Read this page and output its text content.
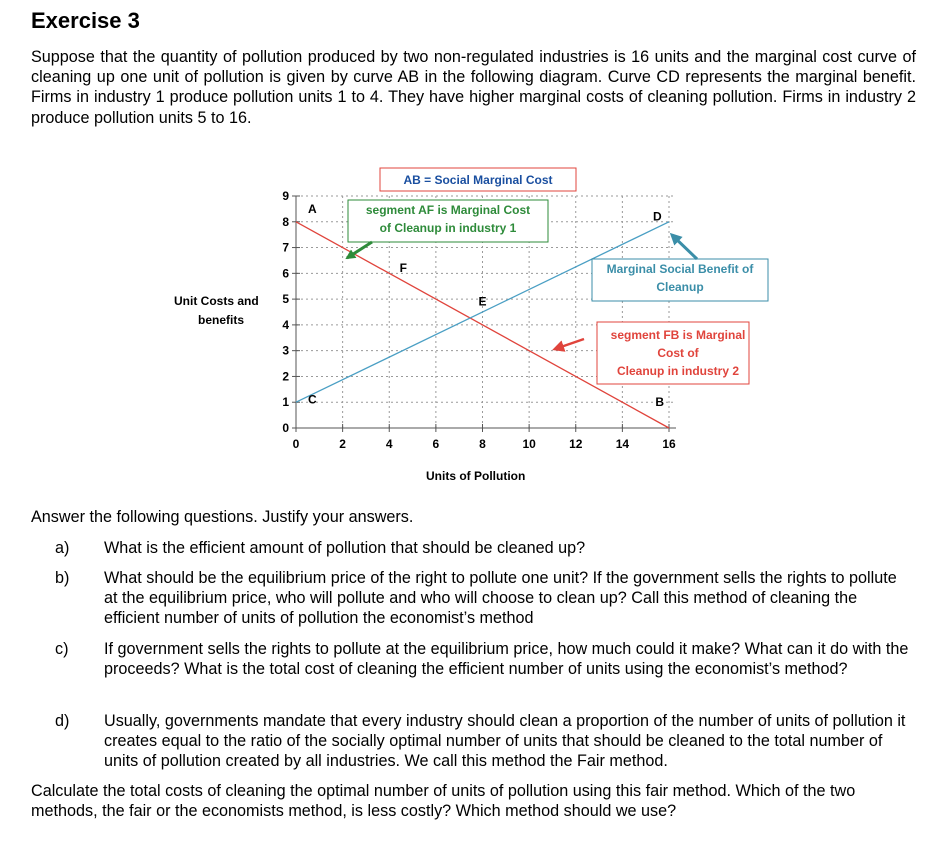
Exercise 3
Suppose that the quantity of pollution produced by two non-regulated industries is 16 units and the marginal cost curve of cleaning up one unit of pollution is given by curve AB in the following diagram. Curve CD represents the marginal benefit. Firms in industry 1 produce pollution units 1 to 4. They have higher marginal costs of cleaning pollution. Firms in industry 2 produce pollution units 5 to 16.
0
1
2
3
4
5
6
7
8
9
0	2	4	6	8	10	12	14	16
A
B
C
D
F
E
Unit Costs and
benefits
Units of Pollution
AB = Social Marginal Cost
segment AF is Marginal Cost
of Cleanup in industry 1
Marginal Social Benefit of
Cleanup
segment FB is Marginal
Cost of
Cleanup in industry 2
Answer the following questions. Justify your answers.
a) What is the efficient amount of pollution that should be cleaned up?
b) What should be the equilibrium price of the right to pollute one unit? If the government sells the rights to pollute at the equilibrium price, who will pollute and who will choose to clean up? Call this method of cleaning the efficient number of units of pollution the economist’s method
c) If government sells the rights to pollute at the equilibrium price, how much could it make? What can it do with the proceeds? What is the total cost of cleaning the efficient number of units using the economist’s method?
d) Usually, governments mandate that every industry should clean a proportion of the number of units of pollution it creates equal to the ratio of the socially optimal number of units that should be cleaned to the total number of units of pollution created by all industries. We call this method the Fair method.
Calculate the total costs of cleaning the optimal number of units of pollution using this fair method. Which of the two methods, the fair or the economists method, is less costly? Which method should we use?
